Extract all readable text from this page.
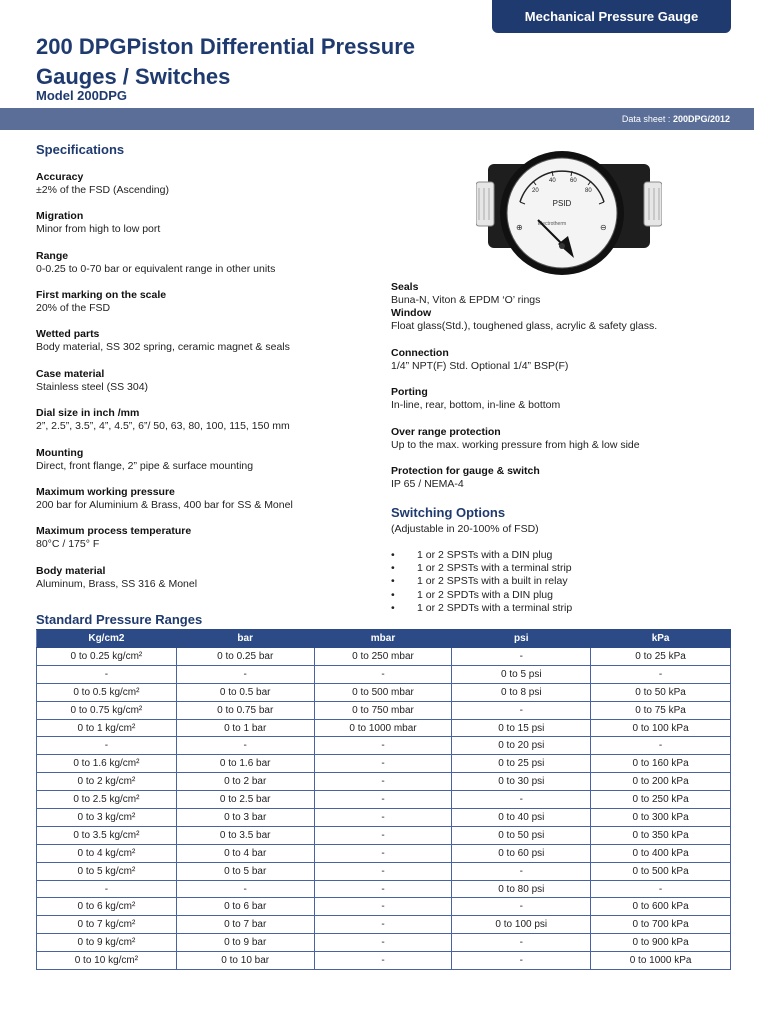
Mechanical Pressure Gauge
200 DPGPiston Differential Pressure Gauges / Switches
Model 200DPG
Data sheet :
200DPG/2012
Specifications
Accuracy
±2% of the FSD (Ascending)
Migration
Minor from high to low port
Range
0-0.25 to 0-70 bar or equivalent range in other units
First marking on the scale
20% of the FSD
Wetted parts
Body material, SS 302 spring, ceramic magnet & seals
Case material
Stainless steel (SS 304)
Dial size in inch /mm
2”, 2.5”, 3.5”, 4”, 4.5”, 6”/ 50, 63, 80, 100, 115, 150 mm
Mounting
Direct, front flange, 2” pipe & surface mounting
Maximum working pressure
200 bar for Aluminium & Brass, 400 bar for SS & Monel
Maximum process temperature
80°C / 175° F
Body material
Aluminum, Brass, SS 316 & Monel
20
40 60
80
PSID
Electrotherm
⊕	⊖
Seals
Buna-N, Viton & EPDM ‘O’ rings
Window
Float glass(Std.), toughened glass, acrylic & safety glass.
Connection
1/4” NPT(F) Std. Optional 1/4” BSP(F)
Porting
In-line, rear, bottom, in-line & bottom
Over range protection
Up to the max. working pressure from high & low side
Protection for gauge & switch
IP 65 / NEMA-4
Switching Options
(Adjustable in 20-100% of FSD)
• 1 or 2 SPSTs with a DIN plug
• 1 or 2 SPSTs with a terminal strip
• 1 or 2 SPSTs with a built in relay
• 1 or 2 SPDTs with a DIN plug
• 1 or 2 SPDTs with a terminal strip
Standard Pressure Ranges
Kg/cm2	bar	mbar	psi	kPa
0 to 0.25 kg/cm²	0 to 0.25 bar	0 to 250 mbar	-	0 to 25 kPa
-	-	-	0 to 5 psi	-
0 to 0.5 kg/cm²	0 to 0.5 bar	0 to 500 mbar	0 to 8 psi	0 to 50 kPa
0 to 0.75 kg/cm²	0 to 0.75 bar	0 to 750 mbar	-	0 to 75 kPa
0 to 1 kg/cm²	0 to 1 bar	0 to 1000 mbar	0 to 15 psi	0 to 100 kPa
-	-	-	0 to 20 psi	-
0 to 1.6 kg/cm²	0 to 1.6 bar	-	0 to 25 psi	0 to 160 kPa
0 to 2 kg/cm²	0 to 2 bar	-	0 to 30 psi	0 to 200 kPa
0 to 2.5 kg/cm²	0 to 2.5 bar	-	-	0 to 250 kPa
0 to 3 kg/cm²	0 to 3 bar	-	0 to 40 psi	0 to 300 kPa
0 to 3.5 kg/cm²	0 to 3.5 bar	-	0 to 50 psi	0 to 350 kPa
0 to 4 kg/cm²	0 to 4 bar	-	0 to 60 psi	0 to 400 kPa
0 to 5 kg/cm²	0 to 5 bar	-	-	0 to 500 kPa
-	-	-	0 to 80 psi	-
0 to 6 kg/cm²	0 to 6 bar	-	-	0 to 600 kPa
0 to 7 kg/cm²	0 to 7 bar	-	0 to 100 psi	0 to 700 kPa
0 to 9 kg/cm²	0 to 9 bar	-	-	0 to 900 kPa
0 to 10 kg/cm²	0 to 10 bar	-	-	0 to 1000 kPa
